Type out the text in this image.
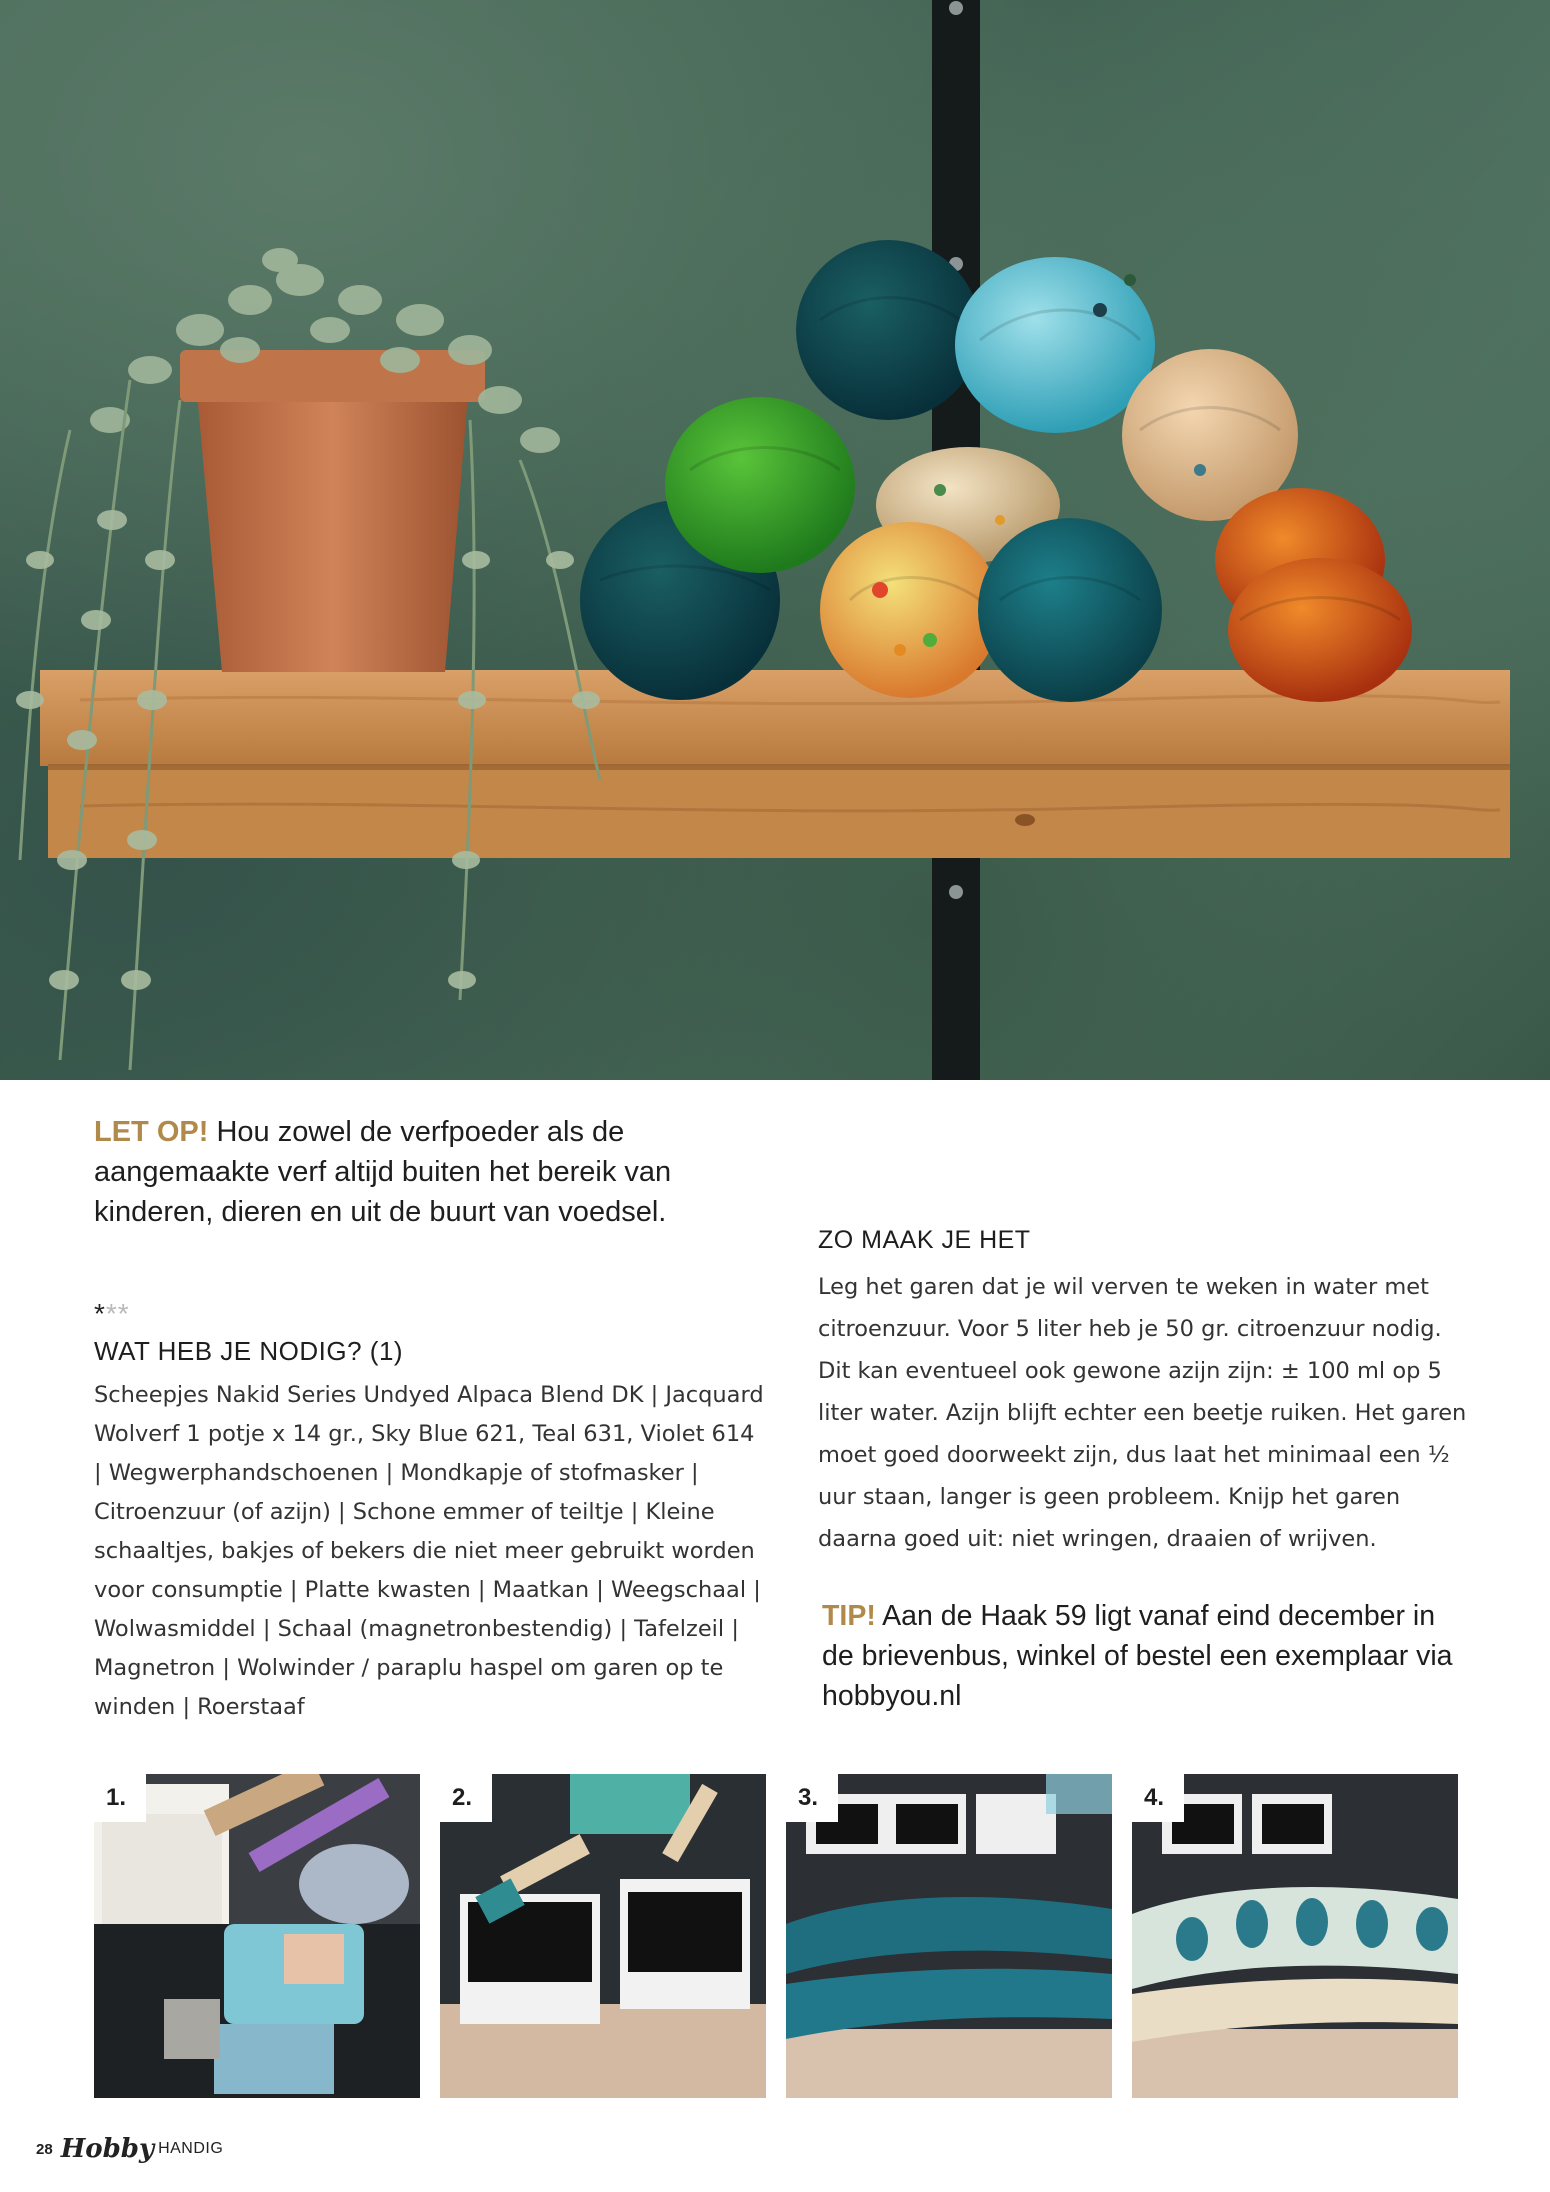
LET OP! Hou zowel de verfpoeder als de aangemaakte verf altijd buiten het bereik van kinderen, dieren en uit de buurt van voedsel.
***
WAT HEB JE NODIG? (1)
Scheepjes Nakid Series Undyed Alpaca Blend DK | Jacquard Wolverf 1 potje x 14 gr., Sky Blue 621, Teal 631, Violet 614 | Wegwerphandschoenen | Mondkapje of stofmasker | Citroenzuur (of azijn) | Schone emmer of teiltje | Kleine schaaltjes, bakjes of bekers die niet meer gebruikt worden voor consumptie | Platte kwasten | Maatkan | Weegschaal | Wolwasmiddel | Schaal (magnetronbestendig) | Tafelzeil | Magnetron | Wolwinder / paraplu haspel om garen op te winden | Roerstaaf
ZO MAAK JE HET
Leg het garen dat je wil verven te weken in water met citroenzuur. Voor 5 liter heb je 50 gr. citroenzuur nodig. Dit kan eventueel ook gewone azijn zijn: ± 100 ml op 5 liter water. Azijn blijft echter een beetje ruiken. Het garen moet goed doorweekt zijn, dus laat het minimaal een ½ uur staan, langer is geen probleem. Knijp het garen daarna goed uit: niet wringen, draaien of wrijven.
TIP! Aan de Haak 59 ligt vanaf eind december in de brievenbus, winkel of bestel een exemplaar via hobbyou.nl
1.	2.	3.	4.
28 Hobby HANDIG
